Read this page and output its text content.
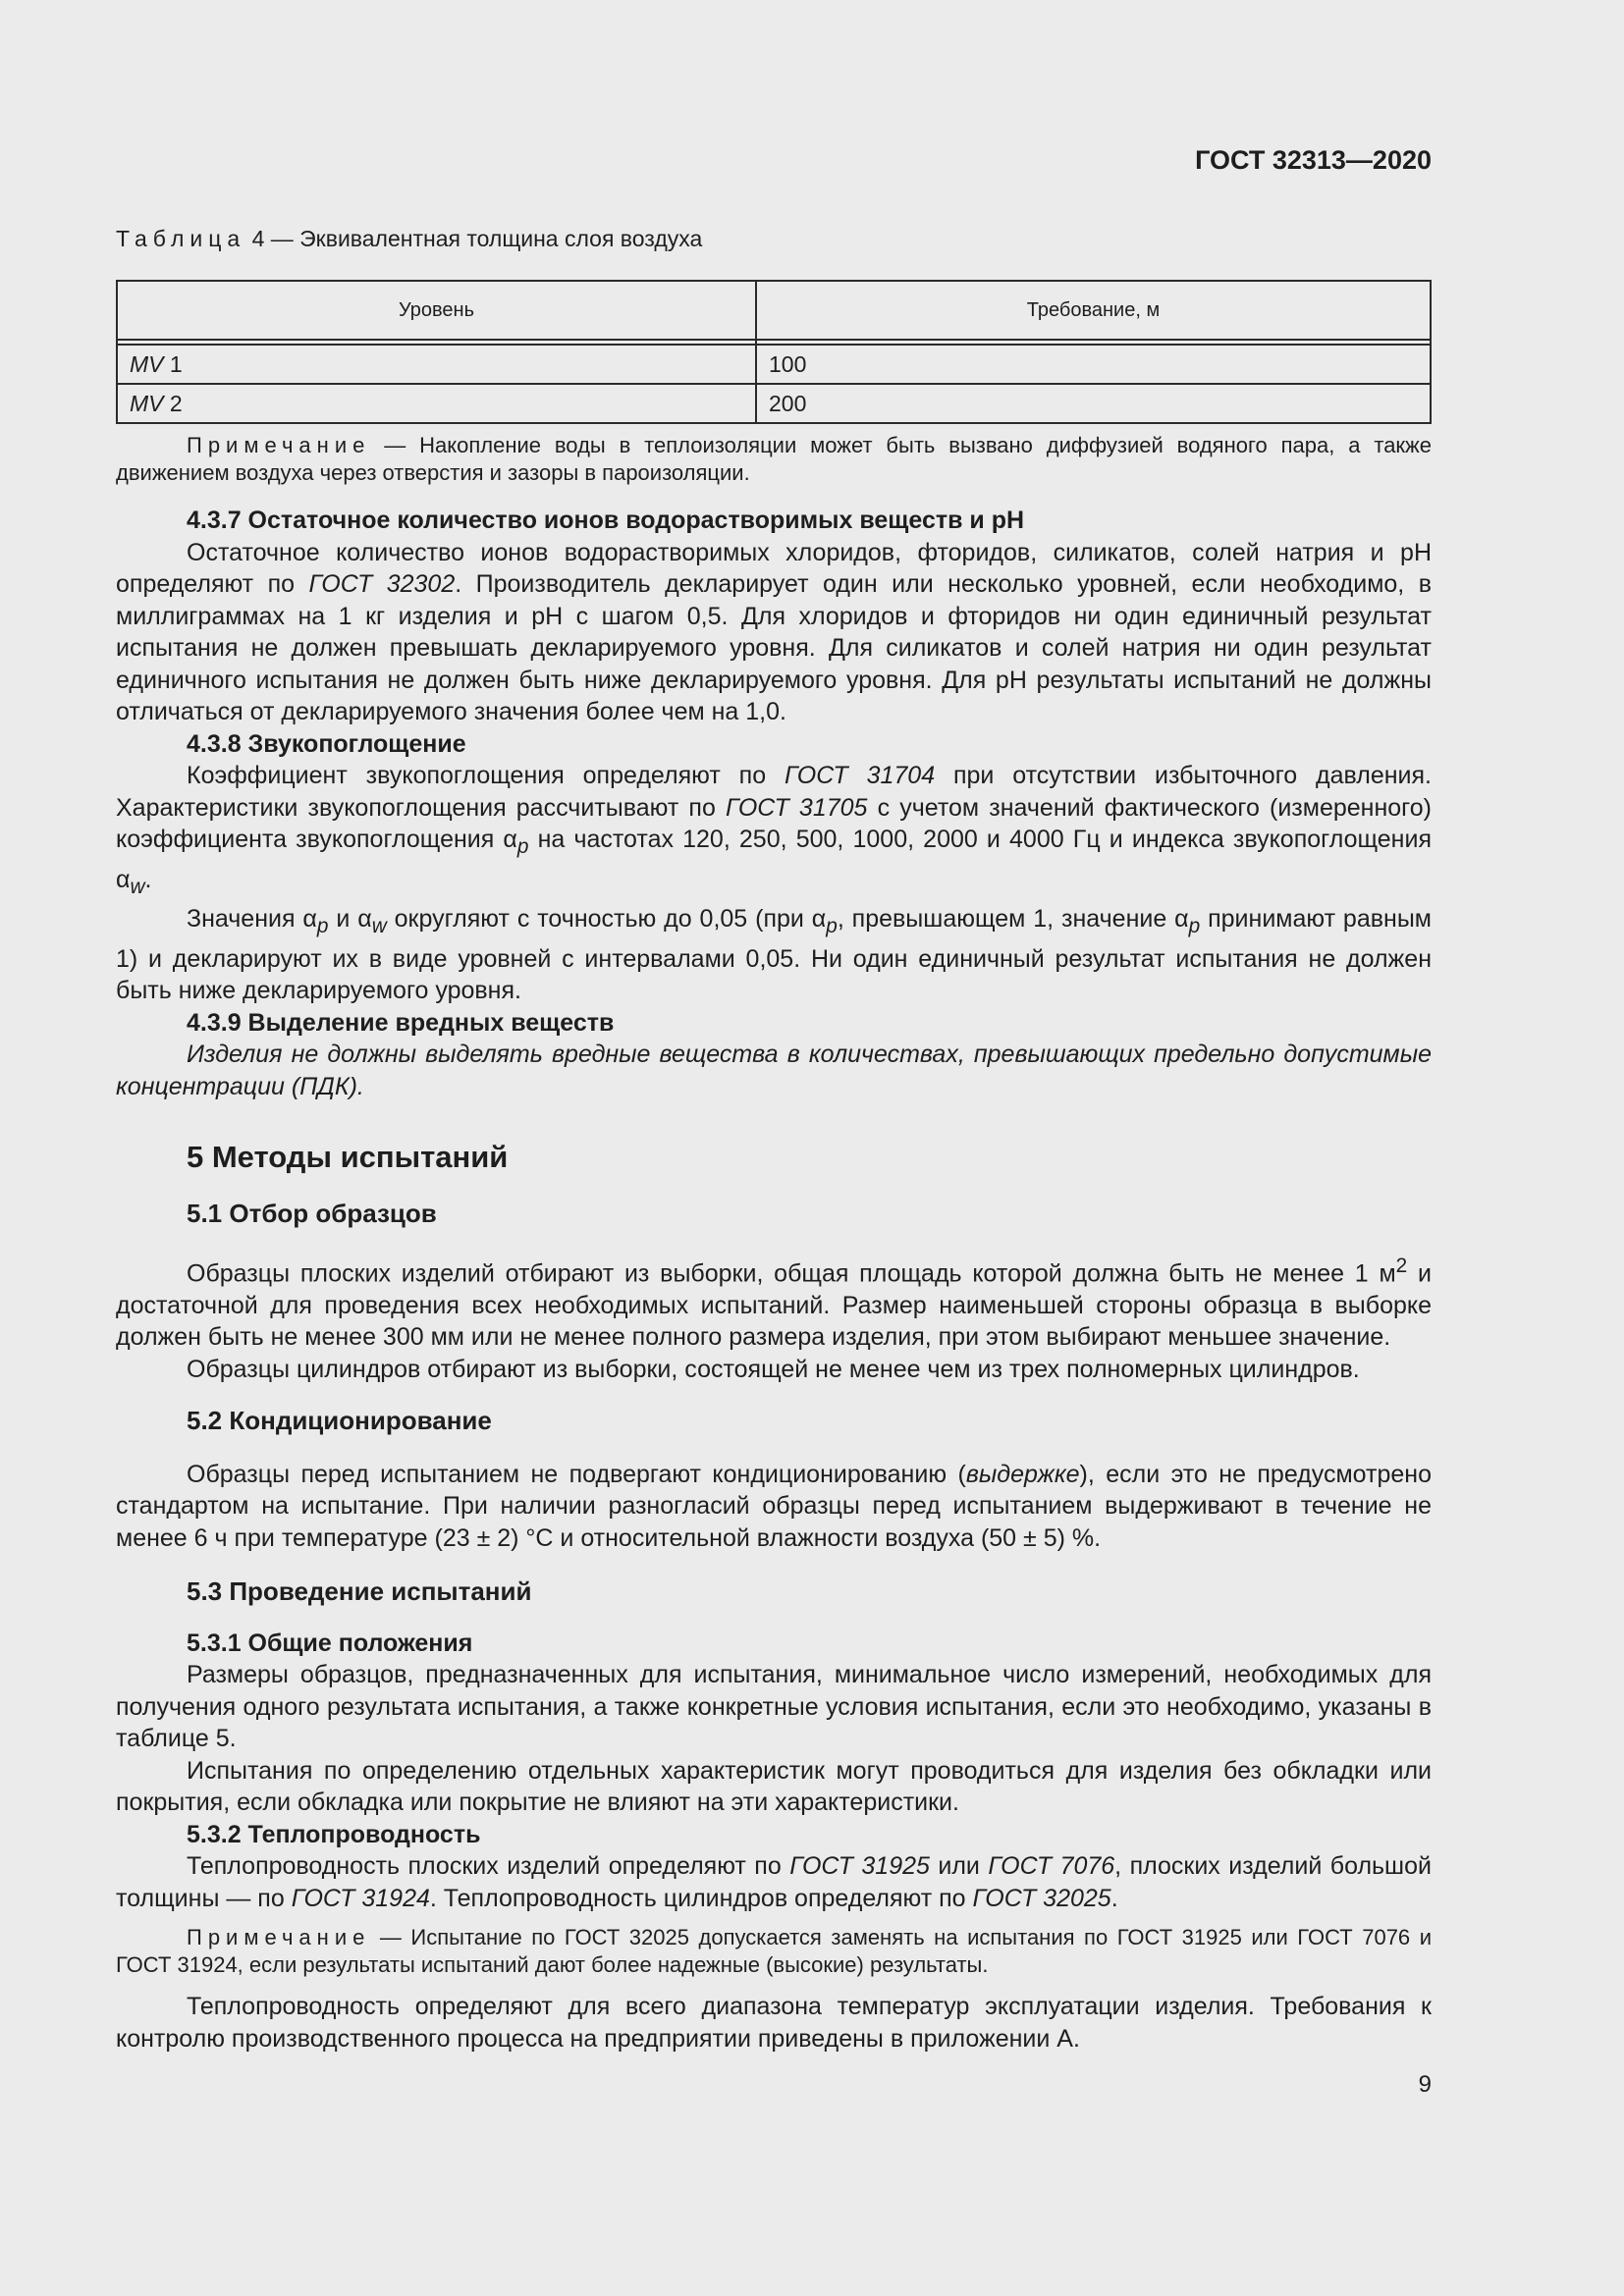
ГОСТ 32313—2020
Таблица 4 — Эквивалентная толщина слоя воздуха
Уровень	Требование, м

MV 1	100
MV 2	200

Примечание — Накопление воды в теплоизоляции может быть вызвано диффузией водяного пара, а также движением воздуха через отверстия и зазоры в пароизоляции.

4.3.7 Остаточное количество ионов водорастворимых веществ и рН

Остаточное количество ионов водорастворимых хлоридов, фторидов, силикатов, солей натрия и рН определяют по ГОСТ 32302. Производитель декларирует один или несколько уровней, если необходимо, в миллиграммах на 1 кг изделия и рН с шагом 0,5. Для хлоридов и фторидов ни один единичный результат испытания не должен превышать декларируемого уровня. Для силикатов и солей натрия ни один результат единичного испытания не должен быть ниже декларируемого уровня. Для рН результаты испытаний не должны отличаться от декларируемого значения более чем на 1,0.

4.3.8 Звукопоглощение

Коэффициент звукопоглощения определяют по ГОСТ 31704 при отсутствии избыточного давления. Характеристики звукопоглощения рассчитывают по ГОСТ 31705 с учетом значений фактического (измеренного) коэффициента звукопоглощения $\alpha_p$ на частотах 120, 250, 500, 1000, 2000 и 4000 Гц и индекса звукопоглощения $\alpha_w$.

Значения $\alpha_p$ и $\alpha_w$ округляют с точностью до 0,05 (при $\alpha_p$, превышающем 1, значение $\alpha_p$ принимают равным 1) и декларируют их в виде уровней с интервалами 0,05. Ни один единичный результат испытания не должен быть ниже декларируемого уровня.

4.3.9 Выделение вредных веществ

Изделия не должны выделять вредные вещества в количествах, превышающих предельно допустимые концентрации (ПДК).

5 Методы испытаний
5.1 Отбор образцов

Образцы плоских изделий отбирают из выборки, общая площадь которой должна быть не менее 1 $м^2$ и достаточной для проведения всех необходимых испытаний. Размер наименьшей стороны образца в выборке должен быть не менее 300 мм или не менее полного размера изделия, при этом выбирают меньшее значение.

Образцы цилиндров отбирают из выборки, состоящей не менее чем из трех полномерных цилиндров.

5.2 Кондиционирование

Образцы перед испытанием не подвергают кондиционированию (выдержке), если это не предусмотрено стандартом на испытание. При наличии разногласий образцы перед испытанием выдерживают в течение не менее 6 ч при температуре (23 ± 2) °С и относительной влажности воздуха (50 ± 5) %.

5.3 Проведение испытаний
5.3.1 Общие положения

Размеры образцов, предназначенных для испытания, минимальное число измерений, необходимых для получения одного результата испытания, а также конкретные условия испытания, если это необходимо, указаны в таблице 5.

Испытания по определению отдельных характеристик могут проводиться для изделия без обкладки или покрытия, если обкладка или покрытие не влияют на эти характеристики.

5.3.2 Теплопроводность

Теплопроводность плоских изделий определяют по ГОСТ 31925 или ГОСТ 7076, плоских изделий большой толщины — по ГОСТ 31924. Теплопроводность цилиндров определяют по ГОСТ 32025.

Примечание — Испытание по ГОСТ 32025 допускается заменять на испытания по ГОСТ 31925 или ГОСТ 7076 и ГОСТ 31924, если результаты испытаний дают более надежные (высокие) результаты.

Теплопроводность определяют для всего диапазона температур эксплуатации изделия. Требования к контролю производственного процесса на предприятии приведены в приложении А.

9
